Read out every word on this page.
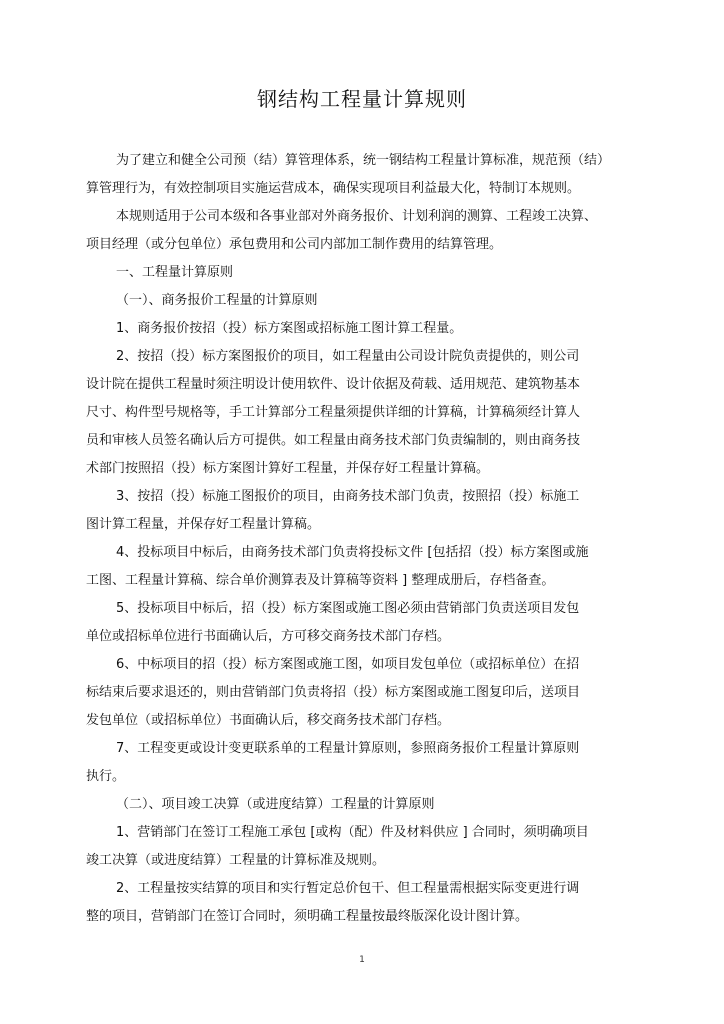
钢结构工程量计算规则
为了建立和健全公司预（结）算管理体系，统一钢结构工程量计算标准，规范预（结）
算管理行为，有效控制项目实施运营成本，确保实现项目利益最大化，特制订本规则。
本规则适用于公司本级和各事业部对外商务报价、计划利润的测算、工程竣工决算、
项目经理（或分包单位）承包费用和公司内部加工制作费用的结算管理。
一、工程量计算原则
（一）、商务报价工程量的计算原则
1、商务报价按招（投）标方案图或招标施工图计算工程量。
2、按招（投）标方案图报价的项目，如工程量由公司设计院负责提供的，则公司
设计院在提供工程量时须注明设计使用软件、设计依据及荷载、适用规范、建筑物基本
尺寸、构件型号规格等，手工计算部分工程量须提供详细的计算稿，计算稿须经计算人
员和审核人员签名确认后方可提供。如工程量由商务技术部门负责编制的，则由商务技
术部门按照招（投）标方案图计算好工程量，并保存好工程量计算稿。
3、按招（投）标施工图报价的项目，由商务技术部门负责，按照招（投）标施工
图计算工程量，并保存好工程量计算稿。
4、投标项目中标后，由商务技术部门负责将投标文件 [包括招（投）标方案图或施
工图、工程量计算稿、综合单价测算表及计算稿等资料 ] 整理成册后，存档备查。
5、投标项目中标后，招（投）标方案图或施工图必须由营销部门负责送项目发包
单位或招标单位进行书面确认后，方可移交商务技术部门存档。
6、中标项目的招（投）标方案图或施工图，如项目发包单位（或招标单位）在招
标结束后要求退还的，则由营销部门负责将招（投）标方案图或施工图复印后，送项目
发包单位（或招标单位）书面确认后，移交商务技术部门存档。
7、工程变更或设计变更联系单的工程量计算原则，参照商务报价工程量计算原则
执行。
（二）、项目竣工决算（或进度结算）工程量的计算原则
1、营销部门在签订工程施工承包 [或构（配）件及材料供应 ] 合同时，须明确项目
竣工决算（或进度结算）工程量的计算标准及规则。
2、工程量按实结算的项目和实行暂定总价包干、但工程量需根据实际变更进行调
整的项目，营销部门在签订合同时，须明确工程量按最终版深化设计图计算。
1
